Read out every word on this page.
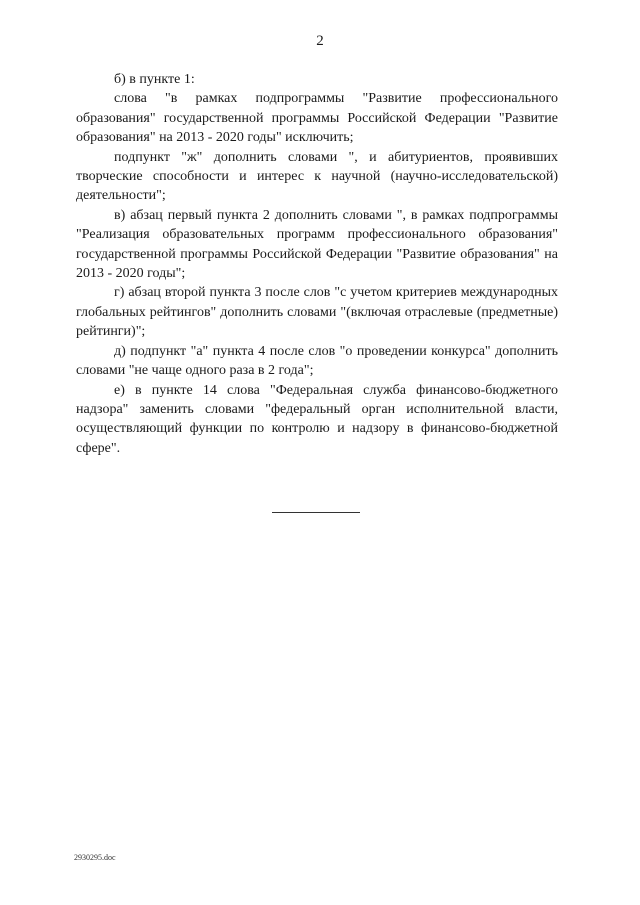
2

б) в пункте 1:

слова "в рамках подпрограммы "Развитие профессионального образования" государственной программы Российской Федерации "Развитие образования" на 2013 - 2020 годы" исключить;

подпункт "ж" дополнить словами ", и абитуриентов, проявивших творческие способности и интерес к научной (научно-исследовательской) деятельности";

в) абзац первый пункта 2 дополнить словами ", в рамках подпрограммы "Реализация образовательных программ профессионального образования" государственной программы Российской Федерации "Развитие образования" на 2013 - 2020 годы";

г) абзац второй пункта 3 после слов "с учетом критериев международных глобальных рейтингов" дополнить словами "(включая отраслевые (предметные) рейтинги)";

д) подпункт "а" пункта 4 после слов "о проведении конкурса" дополнить словами "не чаще одного раза в 2 года";

е) в пункте 14 слова "Федеральная служба финансово-бюджетного надзора" заменить словами "федеральный орган исполнительной власти, осуществляющий функции по контролю и надзору в финансово-бюджетной сфере".

2930295.doc
